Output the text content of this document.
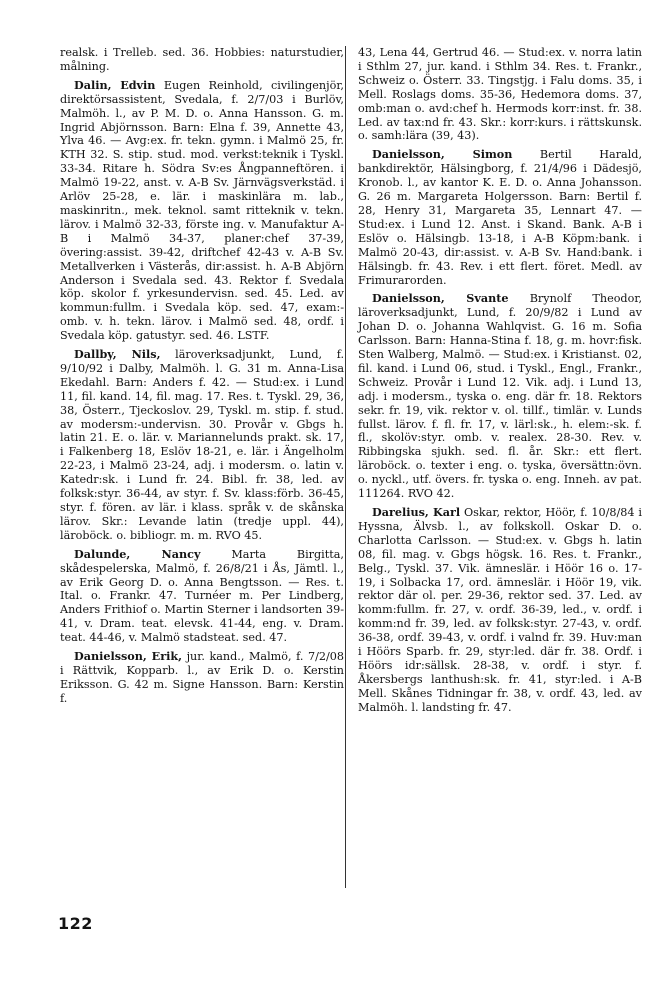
realsk. i Trelleb. sed. 36. Hobbies: naturstudier, målning.

Dalin, Edvin Eugen Reinhold, civilingenjör, direktörsassistent, Svedala, f. 2/7/03 i Burlöv, Malmöh. l., av P. M. D. o. Anna Hansson. G. m. Ingrid Abjörnsson. Barn: Elna f. 39, Annette 43, Ylva 46. — Avg:ex. fr. tekn. gymn. i Malmö 25, fr. KTH 32. S. stip. stud. mod. verkst:teknik i Tyskl. 33-34. Ritare h. Södra Sv:es Ångpanneftören. i Malmö 19-22, anst. v. A-B Sv. Järnvägsverkstäd. i Arlöv 25-28, e. lär. i maskinlära m. lab., maskinritn., mek. teknol. samt ritteknik v. tekn. lärov. i Malmö 32-33, förste ing. v. Manufaktur A-B i Malmö 34-37, planer:chef 37-39, övering:assist. 39-42, driftchef 42-43 v. A-B Sv. Metallverken i Västerås, dir:assist. h. A-B Abjörn Anderson i Svedala sed. 43. Rektor f. Svedala köp. skolor f. yrkesundervisn. sed. 45. Led. av kommun:fullm. i Svedala köp. sed. 47, exam:-omb. v. h. tekn. lärov. i Malmö sed. 48, ordf. i Svedala köp. gatustyr. sed. 46. LSTF.

Dallby, Nils, läroverksadjunkt, Lund, f. 9/10/92 i Dalby, Malmöh. l. G. 31 m. Anna-Lisa Ekedahl. Barn: Anders f. 42. — Stud:ex. i Lund 11, fil. kand. 14, fil. mag. 17. Res. t. Tyskl. 29, 36, 38, Österr., Tjeckoslov. 29, Tyskl. m. stip. f. stud. av modersm:-undervisn. 30. Provår v. Gbgs h. latin 21. E. o. lär. v. Mariannelunds prakt. sk. 17, i Falkenberg 18, Eslöv 18-21, e. lär. i Ängelholm 22-23, i Malmö 23-24, adj. i modersm. o. latin v. Katedr:sk. i Lund fr. 24. Bibl. fr. 38, led. av folksk:styr. 36-44, av styr. f. Sv. klass:förb. 36-45, styr. f. fören. av lär. i klass. språk v. de skånska lärov. Skr.: Levande latin (tredje uppl. 44), läroböck. o. bibliogr. m. m. RVO 45.

Dalunde, Nancy	Marta Birgitta, skådespelerska, Malmö, f. 26/8/21 i Ås, Jämtl. l., av Erik Georg D. o. Anna Bengtsson. — Res. t. Ital. o. Frankr. 47. Turnéer m. Per Lindberg, Anders Frithiof o. Martin Sterner i landsorten 39-41, v. Dram. teat. elevsk. 41-44, eng. v. Dram. teat. 44-46, v. Malmö stadsteat. sed. 47.

Danielsson, Erik, jur. kand., Malmö, f. 7/2/08 i Rättvik, Kopparb. l., av Erik D. o. Kerstin Eriksson. G. 42 m. Signe Hansson. Barn: Kerstin f.

43, Lena 44, Gertrud 46. — Stud:ex. v. norra latin i Sthlm 27, jur. kand. i Sthlm 34. Res. t. Frankr., Schweiz o. Österr. 33. Tingstjg. i Falu doms. 35, i Mell. Roslags doms. 35-36, Hedemora doms. 37, omb:man o. avd:chef h. Hermods korr:inst. fr. 38. Led. av tax:nd fr. 43. Skr.: korr:kurs. i rättskunsk. o. samh:lära (39, 43).

Danielsson, Simon Bertil Harald, bankdirektör, Hälsingborg, f. 21/4/96 i Dädesjö, Kronob. l., av kantor K. E. D. o. Anna Johansson. G. 26 m. Margareta Holgersson. Barn: Bertil f. 28, Henry 31, Margareta 35, Lennart 47. — Stud:ex. i Lund 12. Anst. i Skand. Bank. A-B i Eslöv o. Hälsingb. 13-18, i A-B Köpm:bank. i Malmö 20-43, dir:assist. v. A-B Sv. Hand:bank. i Hälsingb. fr. 43. Rev. i ett flert. föret. Medl. av Frimurarorden.

Danielsson, Svante Brynolf Theodor, läroverksadjunkt, Lund, f. 20/9/82 i Lund av Johan D. o. Johanna Wahlqvist. G. 16 m. Sofia Carlsson. Barn: Hanna-Stina f. 18, g. m. hovr:fisk. Sten Walberg, Malmö. — Stud:ex. i Kristianst. 02, fil. kand. i Lund 06, stud. i Tyskl., Engl., Frankr., Schweiz. Provår i Lund 12. Vik. adj. i Lund 13, adj. i modersm., tyska o. eng. där fr. 18. Rektors sekr. fr. 19, vik. rektor v. ol. tillf., timlär. v. Lunds fullst. lärov. f. fl. fr. 17, v. lärl:sk., h. elem:-sk. f. fl., skolöv:styr. omb. v. realex. 28-30. Rev. v. Ribbingska sjukh. sed. fl. år. Skr.: ett flert. läroböck. o. texter i eng. o. tyska, översättn:övn. o. nyckl., utf. övers. fr. tyska o. eng. Inneh. av pat. 111264. RVO 42.

Darelius, Karl Oskar, rektor, Höör, f. 10/8/84 i Hyssna, Älvsb. l., av folkskoll. Oskar D. o. Charlotta Carlsson. — Stud:ex. v. Gbgs h. latin 08, fil. mag. v. Gbgs högsk. 16. Res. t. Frankr., Belg., Tyskl. 37. Vik. ämneslär. i Höör 16 o. 17-19, i Solbacka 17, ord. ämneslär. i Höör 19, vik. rektor där ol. per. 29-36, rektor sed. 37. Led. av komm:fullm. fr. 27, v. ordf. 36-39, led., v. ordf. i komm:nd fr. 39, led. av folksk:styr. 27-43, v. ordf. 36-38, ordf. 39-43, v. ordf. i valnd fr. 39. Huv:man i Höörs Sparb. fr. 29, styr:led. där fr. 38. Ordf. i Höörs idr:sällsk. 28-38, v. ordf. i styr. f. Åkersbergs lanthush:sk. fr. 41, styr:led. i A-B Mell. Skånes Tidningar fr. 38, v. ordf. 43, led. av Malmöh. l. landsting fr. 47.

122
